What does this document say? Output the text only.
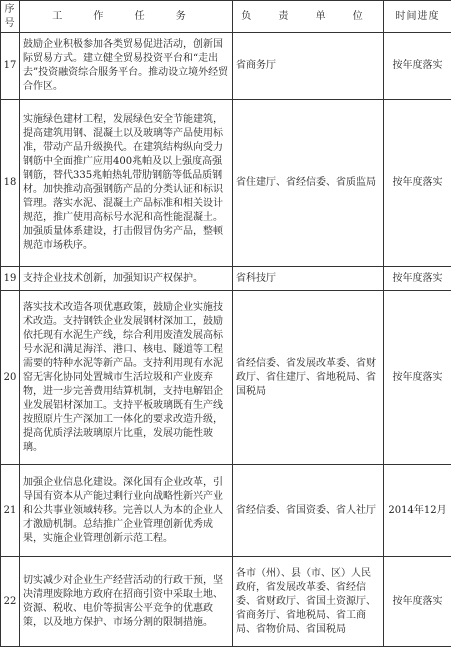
序号	工 作 任 务	负 责 单 位	时间进度
17	鼓励企业积极参加各类贸易促进活动，创新国际贸易方式。建立健全贸易投资平台和“走出去”投资融资综合服务平台。推动设立境外经贸合作区。	省商务厅	按年度落实
18	实施绿色建材工程，发展绿色安全节能建筑，提高建筑用钢、混凝土以及玻璃等产品使用标准，带动产品升级换代。在建筑结构纵向受力钢筋中全面推广应用400兆帕及以上强度高强钢筋，替代335兆帕热轧带肋钢筋等低品质钢材。加快推动高强钢筋产品的分类认证和标识管理。落实水泥、混凝土产品标准和相关设计规范，推广使用高标号水泥和高性能混凝土。加强质量体系建设，打击假冒伪劣产品，整顿规范市场秩序。	省住建厅、省经信委、省质监局	按年度落实
19	支持企业技术创新，加强知识产权保护。	省科技厅	按年度落实
20	落实技术改造各项优惠政策，鼓励企业实施技术改造。支持钢铁企业发展钢材深加工，鼓励依托现有水泥生产线，综合利用废渣发展高标号水泥和满足海洋、港口、核电、隧道等工程需要的特种水泥等新产品。支持利用现有水泥窑无害化协同处置城市生活垃圾和产业废弃物，进一步完善费用结算机制，支持电解铝企业发展铝材深加工。支持平板玻璃既有生产线按照原片生产深加工一体化的要求改造升级，提高优质浮法玻璃原片比重，发展功能性玻璃。	省经信委、省发展改革委、省财政厅、省住建厅、省地税局、省国税局	按年度落实
21	加强企业信息化建设。深化国有企业改革，引导国有资本从产能过剩行业向战略性新兴产业和公共事业领域转移。完善以人为本的企业人才激励机制。总结推广企业管理创新优秀成果，实施企业管理创新示范工程。	省经信委、省国资委、省人社厅	2014年12月
22	切实减少对企业生产经营活动的行政干预，坚决清理废除地方政府在招商引资中采取土地、资源、税收、电价等损害公平竞争的优惠政策，以及地方保护、市场分割的限制措施。	各市（州）、县（市、区）人民政府，省发展改革委、省经信委、省财政厅、省国土资源厅、省商务厅、省地税局、省工商局、省物价局、省国税局	按年度落实
